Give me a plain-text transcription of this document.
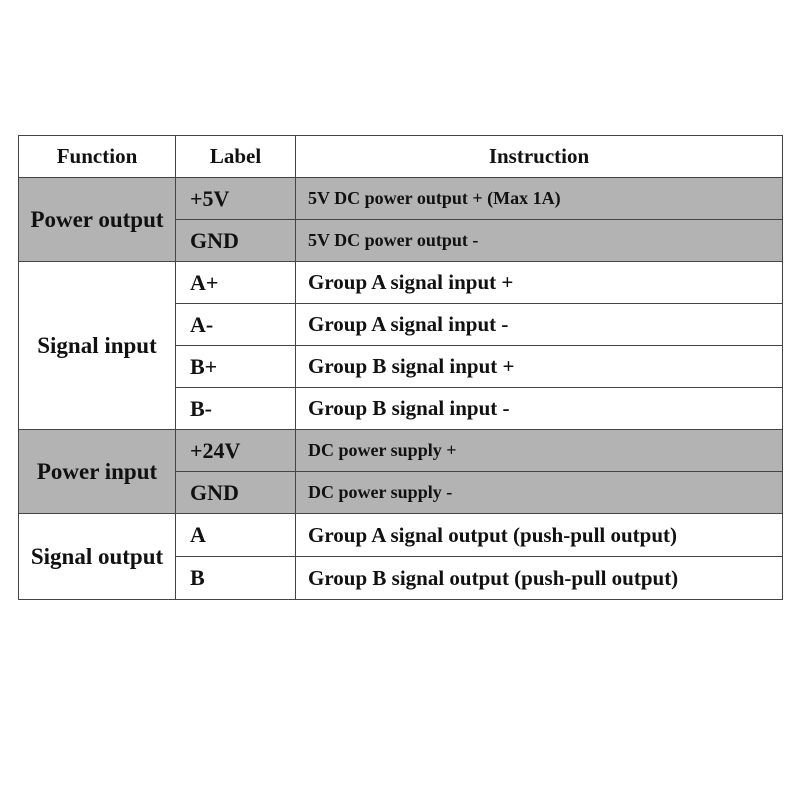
Function	Label	Instruction
Power output	+5V	5V DC power output + (Max 1A)
	GND	5V DC power output -
Signal input	A+	Group A signal input +
	A-	Group A signal input -
	B+	Group B signal input +
	B-	Group B signal input -
Power input	+24V	DC power supply +
	GND	DC power supply -
Signal output	A	Group A signal output (push-pull output)
	B	Group B signal output (push-pull output)
